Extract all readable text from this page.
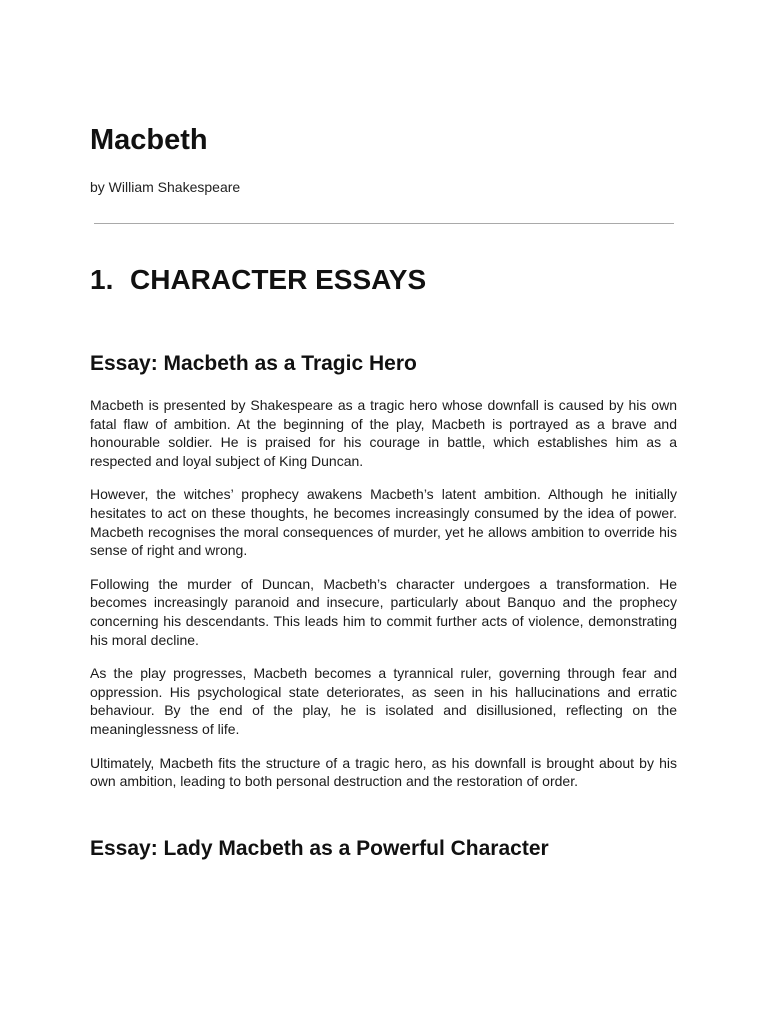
Macbeth

by William Shakespeare

1. CHARACTER ESSAYS
Essay: Macbeth as a Tragic Hero

Macbeth is presented by Shakespeare as a tragic hero whose downfall is caused by his own fatal flaw of ambition. At the beginning of the play, Macbeth is portrayed as a brave and honourable soldier. He is praised for his courage in battle, which establishes him as a respected and loyal subject of King Duncan.

However, the witches’ prophecy awakens Macbeth’s latent ambition. Although he initially hesitates to act on these thoughts, he becomes increasingly consumed by the idea of power. Macbeth recognises the moral consequences of murder, yet he allows ambition to override his sense of right and wrong.

Following the murder of Duncan, Macbeth’s character undergoes a transformation. He becomes increasingly paranoid and insecure, particularly about Banquo and the prophecy concerning his descendants. This leads him to commit further acts of violence, demonstrating his moral decline.

As the play progresses, Macbeth becomes a tyrannical ruler, governing through fear and oppression. His psychological state deteriorates, as seen in his hallucinations and erratic behaviour. By the end of the play, he is isolated and disillusioned, reflecting on the meaninglessness of life.

Ultimately, Macbeth fits the structure of a tragic hero, as his downfall is brought about by his own ambition, leading to both personal destruction and the restoration of order.

Essay: Lady Macbeth as a Powerful Character
